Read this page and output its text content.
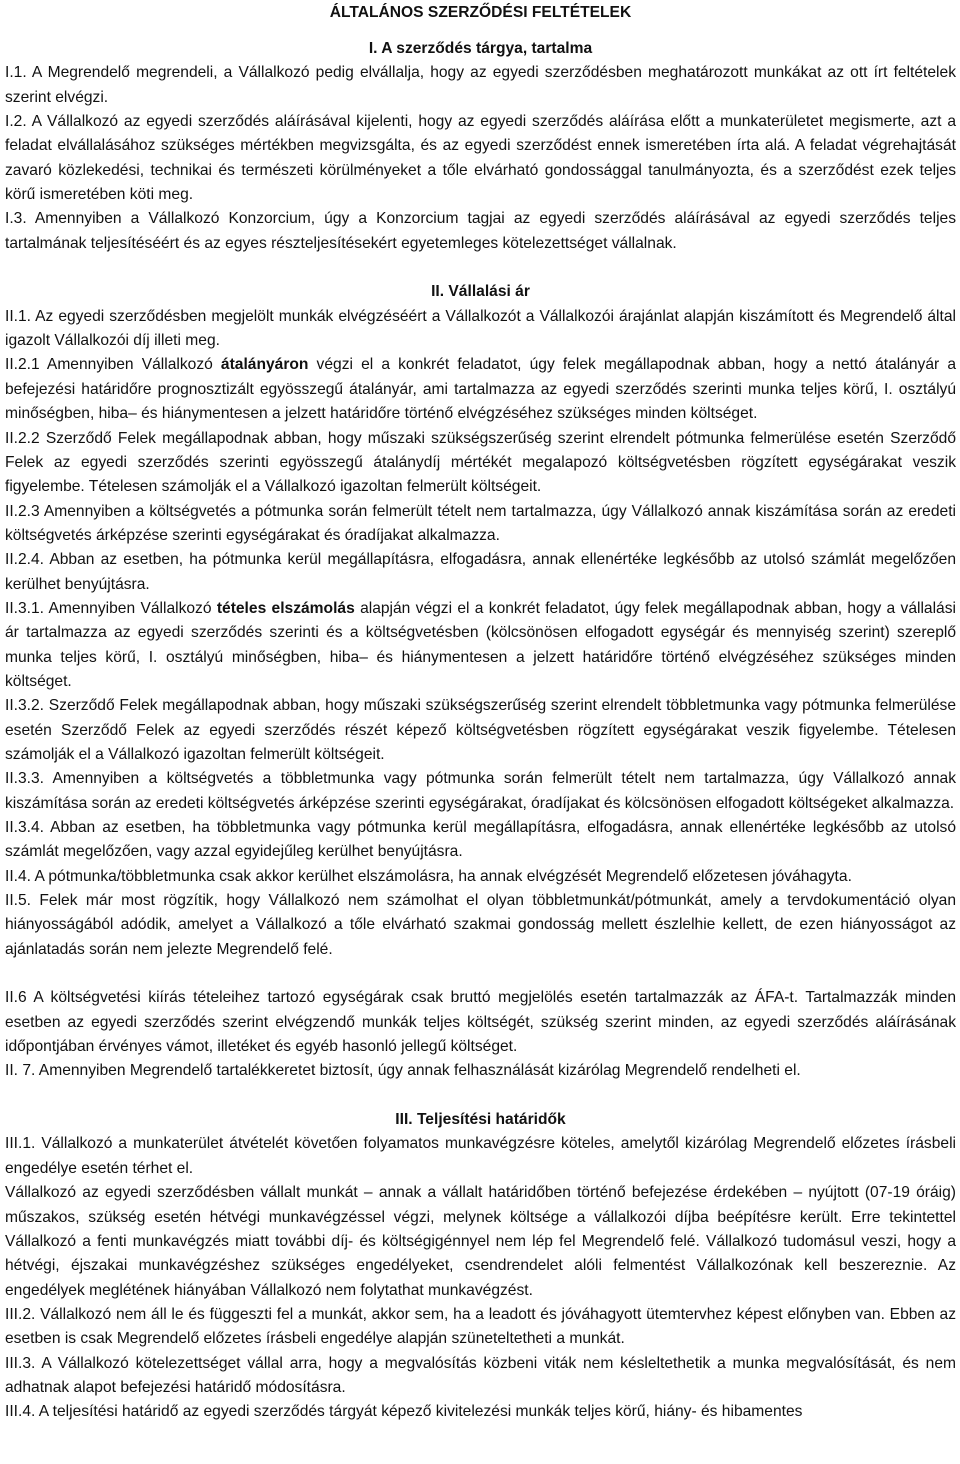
ÁLTALÁNOS SZERZŐDÉSI FELTÉTELEK

I. A szerződés tárgya, tartalma

I.1. A Megrendelő megrendeli, a Vállalkozó pedig elvállalja, hogy az egyedi szerződésben meghatározott munkákat az ott írt feltételek szerint elvégzi.

I.2. A Vállalkozó az egyedi szerződés aláírásával kijelenti, hogy az egyedi szerződés aláírása előtt a munkaterületet megismerte, azt a feladat elvállalásához szükséges mértékben megvizsgálta, és az egyedi szerződést ennek ismeretében írta alá. A feladat végrehajtását zavaró közlekedési, technikai és természeti körülményeket a tőle elvárható gondossággal tanulmányozta, és a szerződést ezek teljes körű ismeretében köti meg.

I.3. Amennyiben a Vállalkozó Konzorcium, úgy a Konzorcium tagjai az egyedi szerződés aláírásával az egyedi szerződés teljes tartalmának teljesítéséért és az egyes részteljesítésekért egyetemleges kötelezettséget vállalnak.

II. Vállalási ár

II.1. Az egyedi szerződésben megjelölt munkák elvégzéséért a Vállalkozót a Vállalkozói árajánlat alapján kiszámított és Megrendelő által igazolt Vállalkozói díj illeti meg.

II.2.1 Amennyiben Vállalkozó átalányáron végzi el a konkrét feladatot, úgy felek megállapodnak abban, hogy a nettó átalányár a befejezési határidőre prognosztizált egyösszegű átalányár, ami tartalmazza az egyedi szerződés szerinti munka teljes körű, I. osztályú minőségben, hiba– és hiánymentesen a jelzett határidőre történő elvégzéséhez szükséges minden költséget.

II.2.2 Szerződő Felek megállapodnak abban, hogy műszaki szükségszerűség szerint elrendelt pótmunka felmerülése esetén Szerződő Felek az egyedi szerződés szerinti egyösszegű átalánydíj mértékét megalapozó költségvetésben rögzített egységárakat veszik figyelembe. Tételesen számolják el a Vállalkozó igazoltan felmerült költségeit.

II.2.3 Amennyiben a költségvetés a pótmunka során felmerült tételt nem tartalmazza, úgy Vállalkozó annak kiszámítása során az eredeti költségvetés árképzése szerinti egységárakat és óradíjakat alkalmazza.

II.2.4. Abban az esetben, ha pótmunka kerül megállapításra, elfogadásra, annak ellenértéke legkésőbb az utolsó számlát megelőzően kerülhet benyújtásra.

II.3.1. Amennyiben Vállalkozó tételes elszámolás alapján végzi el a konkrét feladatot, úgy felek megállapodnak abban, hogy a vállalási ár tartalmazza az egyedi szerződés szerinti és a költségvetésben (kölcsönösen elfogadott egységár és mennyiség szerint) szereplő munka teljes körű, I. osztályú minőségben, hiba– és hiánymentesen a jelzett határidőre történő elvégzéséhez szükséges minden költséget.

II.3.2. Szerződő Felek megállapodnak abban, hogy műszaki szükségszerűség szerint elrendelt többletmunka vagy pótmunka felmerülése esetén Szerződő Felek az egyedi szerződés részét képező költségvetésben rögzített egységárakat veszik figyelembe. Tételesen számolják el a Vállalkozó igazoltan felmerült költségeit.

II.3.3. Amennyiben a költségvetés a többletmunka vagy pótmunka során felmerült tételt nem tartalmazza, úgy Vállalkozó annak kiszámítása során az eredeti költségvetés árképzése szerinti egységárakat, óradíjakat és kölcsönösen elfogadott költségeket alkalmazza.

II.3.4. Abban az esetben, ha többletmunka vagy pótmunka kerül megállapításra, elfogadásra, annak ellenértéke legkésőbb az utolsó számlát megelőzően, vagy azzal egyidejűleg kerülhet benyújtásra.

II.4. A pótmunka/többletmunka csak akkor kerülhet elszámolásra, ha annak elvégzését Megrendelő előzetesen jóváhagyta.

II.5. Felek már most rögzítik, hogy Vállalkozó nem számolhat el olyan többletmunkát/pótmunkát, amely a tervdokumentáció olyan hiányosságából adódik, amelyet a Vállalkozó a tőle elvárható szakmai gondosság mellett észlelhie kellett, de ezen hiányosságot az ajánlatadás során nem jelezte Megrendelő felé.

II.6 A költségvetési kiírás tételeihez tartozó egységárak csak bruttó megjelölés esetén tartalmazzák az ÁFA-t. Tartalmazzák minden esetben az egyedi szerződés szerint elvégzendő munkák teljes költségét, szükség szerint minden, az egyedi szerződés aláírásának időpontjában érvényes vámot, illetéket és egyéb hasonló jellegű költséget.

II. 7. Amennyiben Megrendelő tartalékkeretet biztosít, úgy annak felhasználását kizárólag Megrendelő rendelheti el.

III. Teljesítési határidők

III.1. Vállalkozó a munkaterület átvételét követően folyamatos munkavégzésre köteles, amelytől kizárólag Megrendelő előzetes írásbeli engedélye esetén térhet el.

Vállalkozó az egyedi szerződésben vállalt munkát – annak a vállalt határidőben történő befejezése érdekében – nyújtott (07-19 óráig) műszakos, szükség esetén hétvégi munkavégzéssel végzi, melynek költsége a vállalkozói díjba beépítésre került. Erre tekintettel Vállalkozó a fenti munkavégzés miatt további díj- és költségigénnyel nem lép fel Megrendelő felé. Vállalkozó tudomásul veszi, hogy a hétvégi, éjszakai munkavégzéshez szükséges engedélyeket, csendrendelet alóli felmentést Vállalkozónak kell beszereznie. Az engedélyek meglétének hiányában Vállalkozó nem folytathat munkavégzést.

III.2. Vállalkozó nem áll le és függeszti fel a munkát, akkor sem, ha a leadott és jóváhagyott ütemtervhez képest előnyben van. Ebben az esetben is csak Megrendelő előzetes írásbeli engedélye alapján szüneteltetheti a munkát.

III.3. A Vállalkozó kötelezettséget vállal arra, hogy a megvalósítás közbeni viták nem késleltethetik a munka megvalósítását, és nem adhatnak alapot befejezési határidő módosításra.

III.4. A teljesítési határidő az egyedi szerződés tárgyát képező kivitelezési munkák teljes körű, hiány- és hibamentes
